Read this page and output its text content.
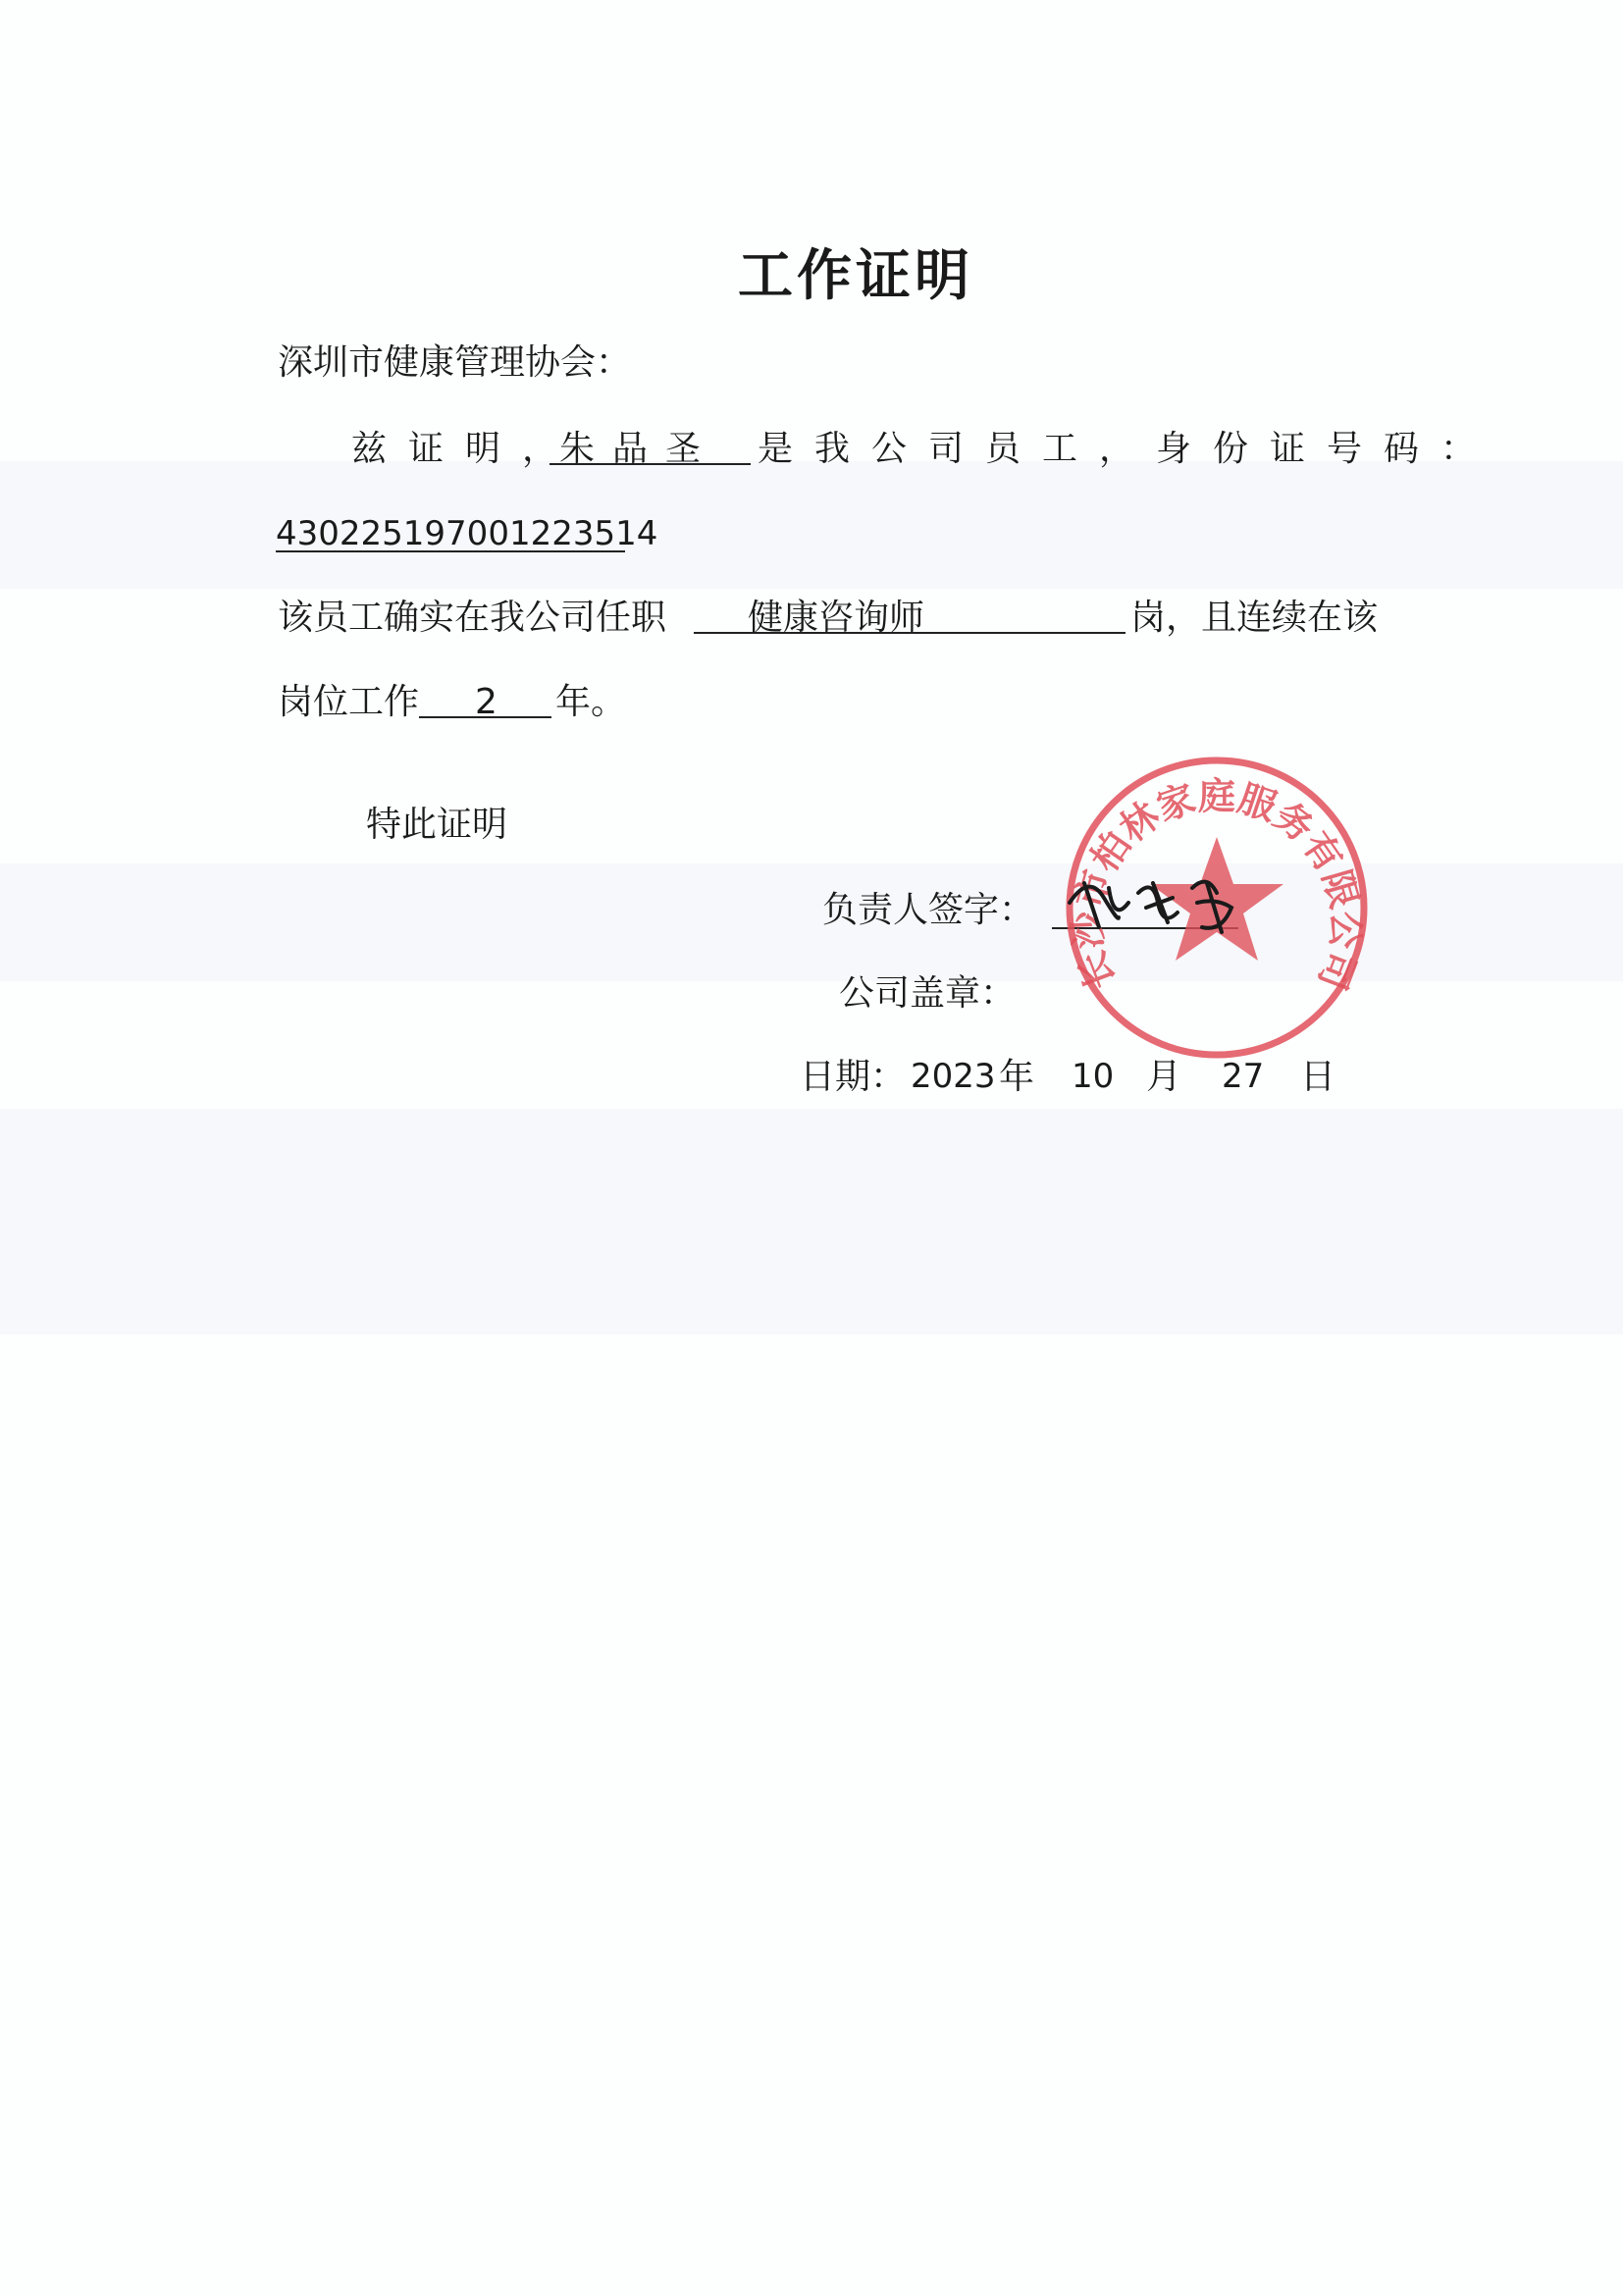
工作证明
深圳市健康管理协会：
兹证明，
朱品圣 是我公司员工，身份证号码：
430225197001223514
该员工确实在我公司任职 健康咨询师	岗，且连续在该
岗位工作 2 年。
特此证明
负责人签字：
公司盖章：
日期： 2023 年 10 月 27 日
长沙市柏林家庭服务有限公司
